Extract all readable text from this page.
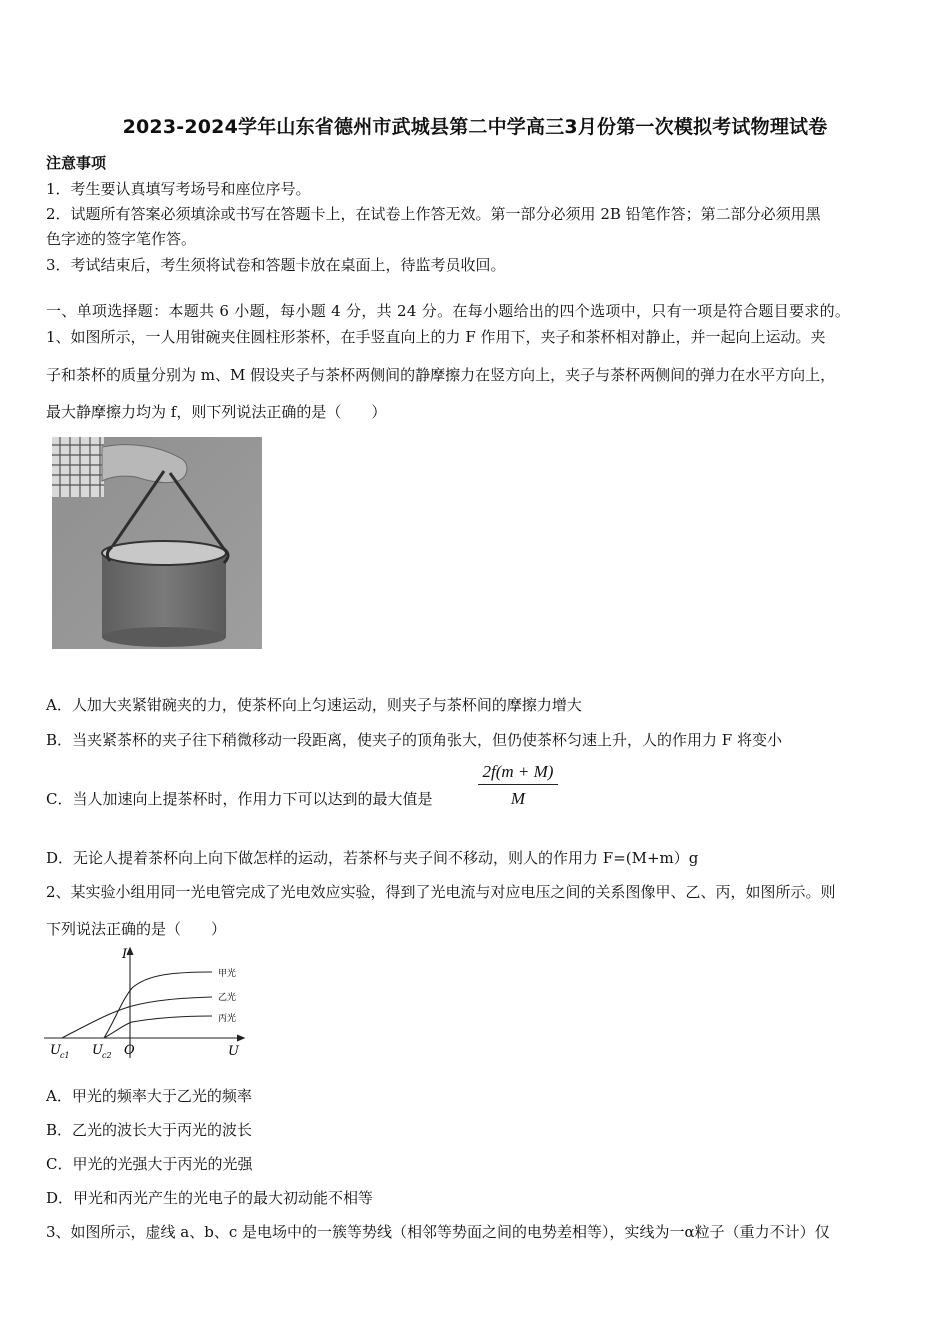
2023-2024学年山东省德州市武城县第二中学高三3月份第一次模拟考试物理试卷
注意事项
1．考生要认真填写考场号和座位序号。
2．试题所有答案必须填涂或书写在答题卡上，在试卷上作答无效。第一部分必须用 2B 铅笔作答；第二部分必须用黑
色字迹的签字笔作答。
3．考试结束后，考生须将试卷和答题卡放在桌面上，待监考员收回。
一、单项选择题：本题共 6 小题，每小题 4 分，共 24 分。在每小题给出的四个选项中，只有一项是符合题目要求的。
1、如图所示，一人用钳碗夹住圆柱形茶杯，在手竖直向上的力 F 作用下，夹子和茶杯相对静止，并一起向上运动。夹
子和茶杯的质量分别为 m、M 假设夹子与茶杯两侧间的静摩擦力在竖方向上，夹子与茶杯两侧间的弹力在水平方向上，
最大静摩擦力均为 f，则下列说法正确的是（　　）
A．人加大夹紧钳碗夹的力，使茶杯向上匀速运动，则夹子与茶杯间的摩擦力增大
B．当夹紧茶杯的夹子往下稍微移动一段距离，使夹子的顶角张大，但仍使茶杯匀速上升，人的作用力 F 将变小
C．当人加速向上提茶杯时，作用力下可以达到的最大值是	$\frac{2f(m + M)}{M}$
D．无论人提着茶杯向上向下做怎样的运动，若茶杯与夹子间不移动，则人的作用力 F=(M+m）g
2、某实验小组用同一光电管完成了光电效应实验，得到了光电流与对应电压之间的关系图像甲、乙、丙，如图所示。则
下列说法正确的是（　　）
I
甲光
乙光
丙光
U c1 U c2 O	U
A．甲光的频率大于乙光的频率
B．乙光的波长大于丙光的波长
C．甲光的光强大于丙光的光强
D．甲光和丙光产生的光电子的最大初动能不相等
3、如图所示，虚线 a、b、c 是电场中的一簇等势线（相邻等势面之间的电势差相等），实线为一α粒子（重力不计）仅
